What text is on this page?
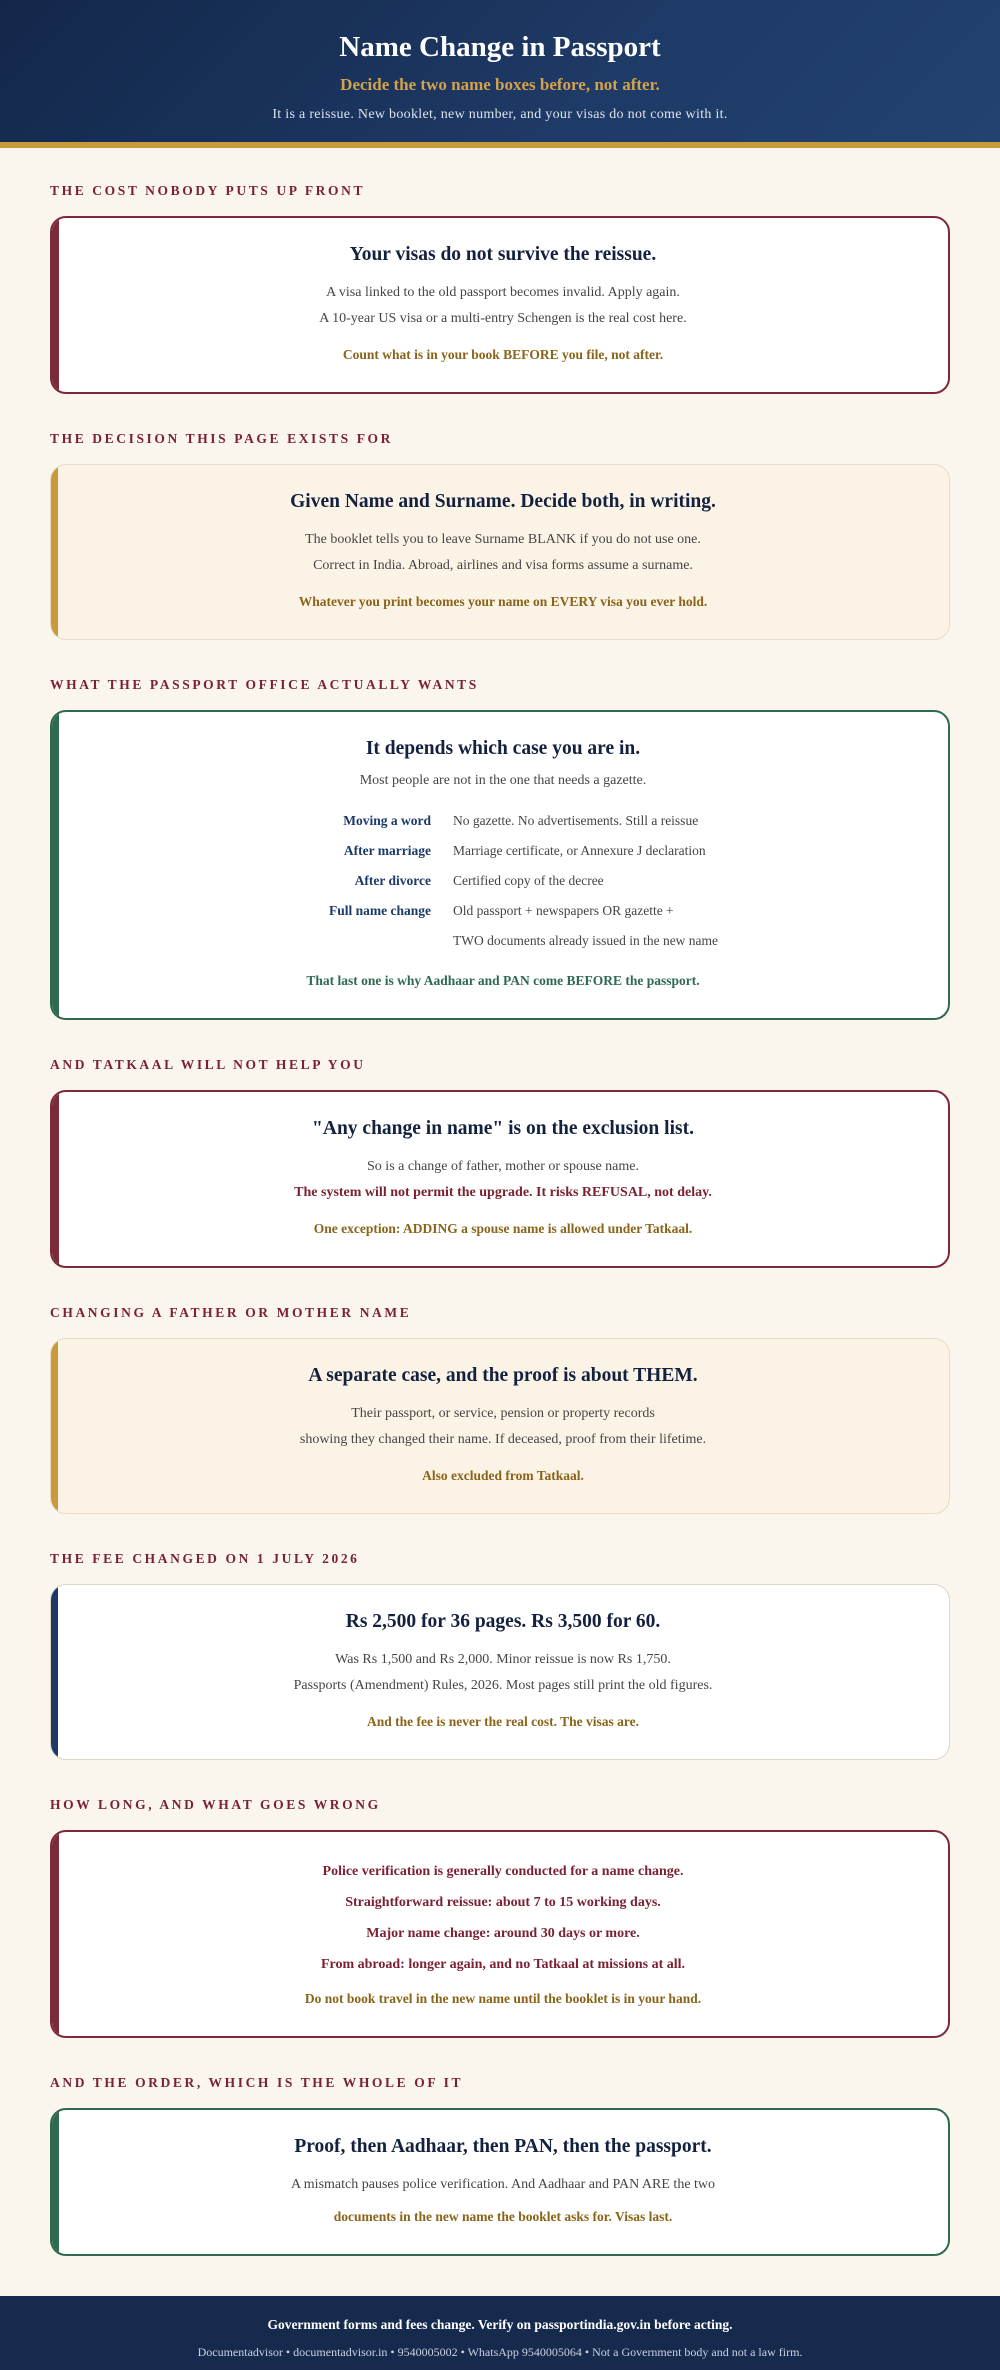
Name Change in Passport
Decide the two name boxes before, not after.
It is a reissue. New booklet, new number, and your visas do not come with it.
THE COST NOBODY PUTS UP FRONT
Your visas do not survive the reissue.

A visa linked to the old passport becomes invalid. Apply again.

A 10-year US visa or a multi-entry Schengen is the real cost here.

Count what is in your book BEFORE you file, not after.

THE DECISION THIS PAGE EXISTS FOR
Given Name and Surname. Decide both, in writing.

The booklet tells you to leave Surname BLANK if you do not use one.

Correct in India. Abroad, airlines and visa forms assume a surname.

Whatever you print becomes your name on EVERY visa you ever hold.

WHAT THE PASSPORT OFFICE ACTUALLY WANTS
It depends which case you are in.

Most people are not in the one that needs a gazette.

Moving a word	No gazette. No advertisements. Still a reissue
After marriage	Marriage certificate, or Annexure J declaration
After divorce	Certified copy of the decree
Full name change	Old passport + newspapers OR gazette +
TWO documents already issued in the new name

That last one is why Aadhaar and PAN come BEFORE the passport.

AND TATKAAL WILL NOT HELP YOU
"Any change in name" is on the exclusion list.

So is a change of father, mother or spouse name.

The system will not permit the upgrade. It risks REFUSAL, not delay.

One exception: ADDING a spouse name is allowed under Tatkaal.

CHANGING A FATHER OR MOTHER NAME
A separate case, and the proof is about THEM.

Their passport, or service, pension or property records

showing they changed their name. If deceased, proof from their lifetime.

Also excluded from Tatkaal.

THE FEE CHANGED ON 1 JULY 2026
Rs 2,500 for 36 pages. Rs 3,500 for 60.

Was Rs 1,500 and Rs 2,000. Minor reissue is now Rs 1,750.

Passports (Amendment) Rules, 2026. Most pages still print the old figures.

And the fee is never the real cost. The visas are.

HOW LONG, AND WHAT GOES WRONG

Police verification is generally conducted for a name change.

Straightforward reissue: about 7 to 15 working days.

Major name change: around 30 days or more.

From abroad: longer again, and no Tatkaal at missions at all.

Do not book travel in the new name until the booklet is in your hand.

AND THE ORDER, WHICH IS THE WHOLE OF IT
Proof, then Aadhaar, then PAN, then the passport.

A mismatch pauses police verification. And Aadhaar and PAN ARE the two

documents in the new name the booklet asks for. Visas last.

Government forms and fees change. Verify on passportindia.gov.in before acting.
Documentadvisor • documentadvisor.in • 9540005002 • WhatsApp 9540005064 • Not a Government body and not a law firm.
